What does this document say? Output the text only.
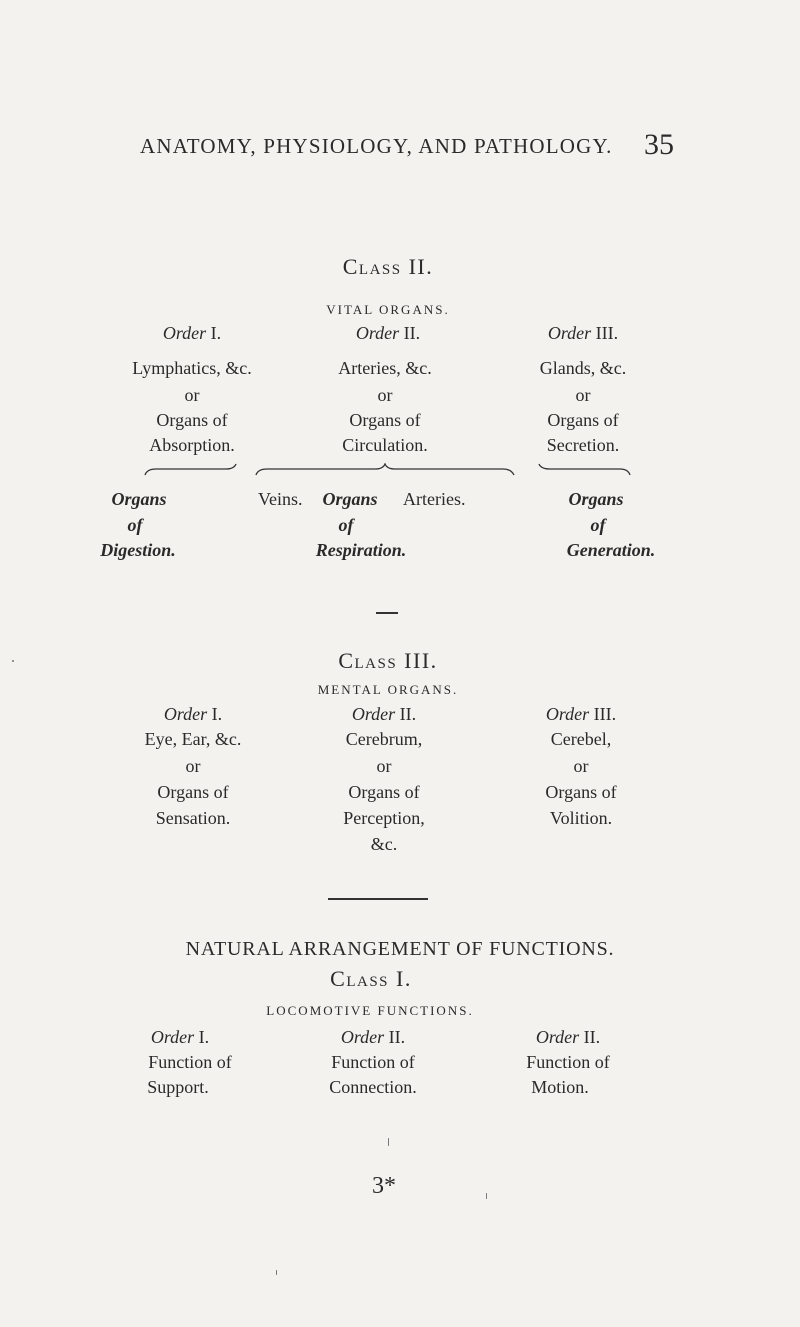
ANATOMY, PHYSIOLOGY, AND PATHOLOGY. 35
Class II.
VITAL ORGANS.
Order I.
Lymphatics, &c.
or
Organs of
Absorption.
Order II.
Arteries, &c.
or
Organs of
Circulation.
Order III.
Glands, &c.
or
Organs of
Secretion.
Organs
of
Digestion.
Veins. Organs Arteries.
of
Respiration.
Organs
of
Generation.
Class III.
MENTAL ORGANS.
Order I.
Eye, Ear, &c.
or
Organs of
Sensation.
Order II.
Cerebrum,
or
Organs of
Perception,
&c.
Order III.
Cerebel,
or
Organs of
Volition.
NATURAL ARRANGEMENT OF FUNCTIONS.
Class I.
LOCOMOTIVE FUNCTIONS.
Order I.
Function of
Support.
Order II.
Function of
Connection.
Order II.
Function of
Motion.
3*
